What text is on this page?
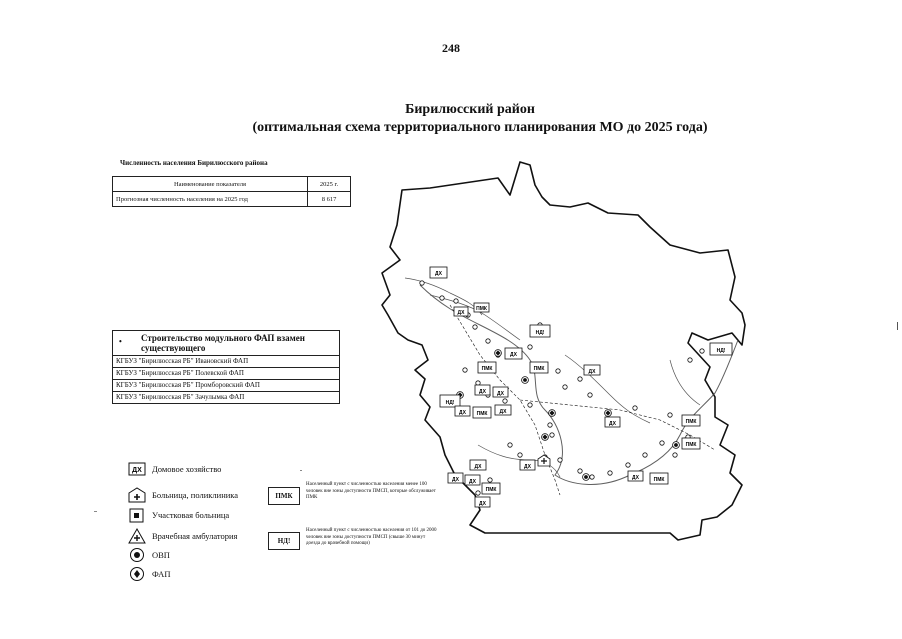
248
Бирилюсский район
(оптимальная схема территориального планирования МО до 2025 года)
Численность населения Бирилюсского района
Наименование показателя	2025 г.
Прогнозная численность населения на 2025 год	8 617
• Строительство модульного ФАП взамен существующего
КГБУЗ "Бирилюсская РБ" Ивановский ФАП
КГБУЗ "Бирилюсская РБ" Полевской ФАП
КГБУЗ "Бирилюсская РБ" Промборовский ФАП
КГБУЗ "Бирилюсская РБ" Зачулымка ФАП
ДХ Домовое хозяйство
Больница, поликлиника
Участковая больница
Врачебная амбулатория
ОВП
ФАП
ПМК
Населенный пункт с численностью населения менее 100 человек вне зоны доступности ПМСП, которые обслуживает ПМК
НД!
Населенный пункт с численностью населения от 101 до 2000 человек вне зоны доступности ПМСП (свыше 30 минут доезда до врачебной помощи)
ДХ
ДХ
ПМК
НД!
ДХ
ПМК	ПМК	ДХ
ДХ ДХ
НД!
ДХ ПМК ДХ
ДХ	ПМК
НД!
ПМК
ДХ	ДХ
ДХ ДХ
ПМК
ДХ
ДХ	ПМК
